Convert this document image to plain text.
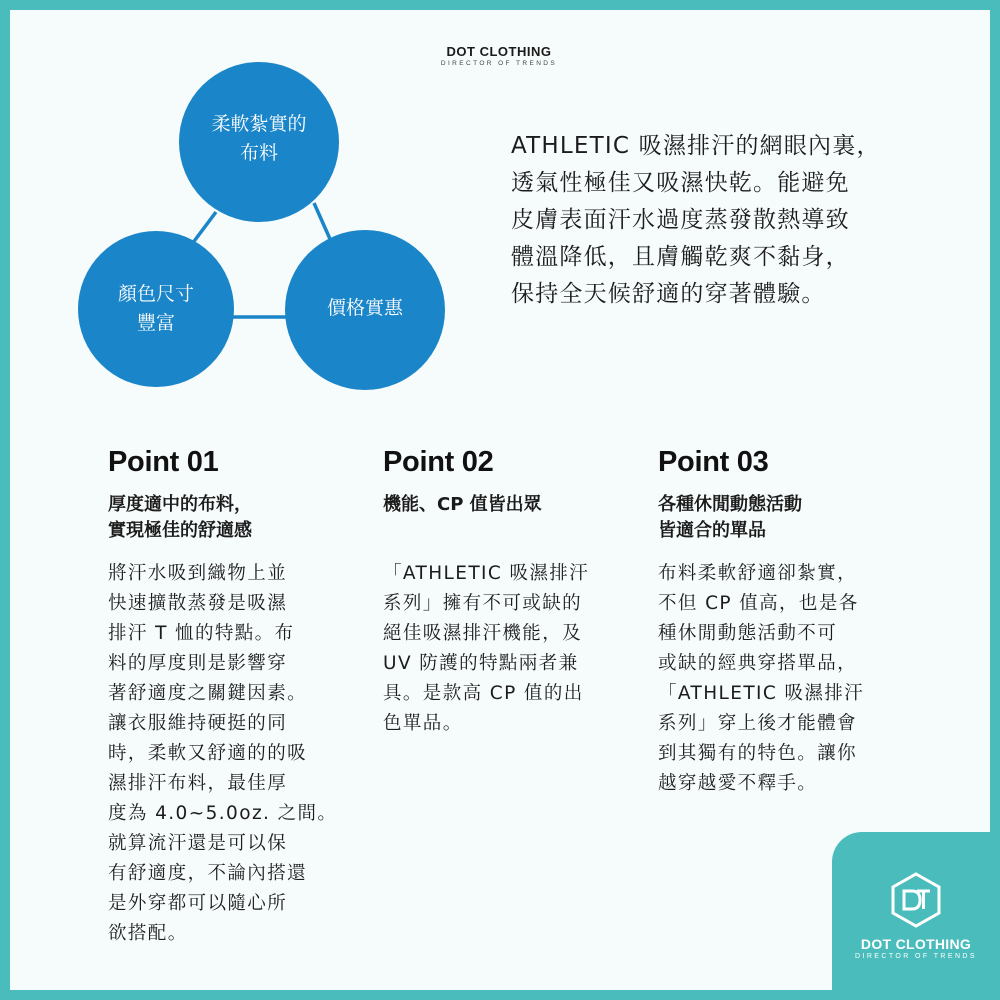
DOT CLOTHING
DIRECTOR OF TRENDS
柔軟紮實的
布料
顏色尺寸
豐富
價格實惠
ATHLETIC 吸濕排汗的網眼內裏，
透氣性極佳又吸濕快乾。能避免
皮膚表面汗水過度蒸發散熱導致
體溫降低，且膚觸乾爽不黏身，
保持全天候舒適的穿著體驗。
Point 01
厚度適中的布料，
實現極佳的舒適感
將汗水吸到織物上並
快速擴散蒸發是吸濕
排汗 T 恤的特點。布
料的厚度則是影響穿
著舒適度之關鍵因素。
讓衣服維持硬挺的同
時，柔軟又舒適的的吸
濕排汗布料，最佳厚
度為 4.0~5.0oz. 之間。
就算流汗還是可以保
有舒適度，不論內搭還
是外穿都可以隨心所
欲搭配。
Point 02
機能、CP 值皆出眾
「ATHLETIC 吸濕排汗
系列」擁有不可或缺的
絕佳吸濕排汗機能，及
UV 防護的特點兩者兼
具。是款高 CP 值的出
色單品。
Point 03
各種休閒動態活動
皆適合的單品
布料柔軟舒適卻紮實，
不但 CP 值高，也是各
種休閒動態活動不可
或缺的經典穿搭單品，
「ATHLETIC 吸濕排汗
系列」穿上後才能體會
到其獨有的特色。讓你
越穿越愛不釋手。
DOT CLOTHING
DIRECTOR OF TRENDS
